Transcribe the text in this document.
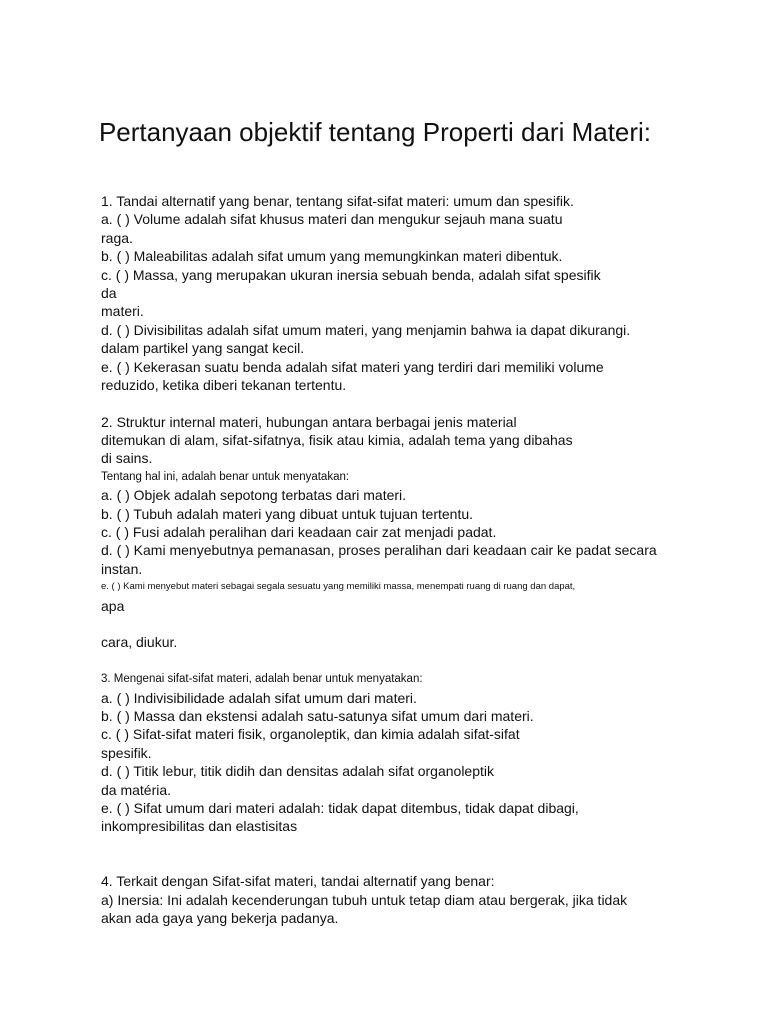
Pertanyaan objektif tentang Properti dari Materi:
1. Tandai alternatif yang benar, tentang sifat-sifat materi: umum dan spesifik.
a. ( ) Volume adalah sifat khusus materi dan mengukur sejauh mana suatu
raga.
b. ( ) Maleabilitas adalah sifat umum yang memungkinkan materi dibentuk.
c. ( ) Massa, yang merupakan ukuran inersia sebuah benda, adalah sifat spesifik
da
materi.
d. ( ) Divisibilitas adalah sifat umum materi, yang menjamin bahwa ia dapat dikurangi.
dalam partikel yang sangat kecil.
e. ( ) Kekerasan suatu benda adalah sifat materi yang terdiri dari memiliki volume
reduzido, ketika diberi tekanan tertentu.
2. Struktur internal materi, hubungan antara berbagai jenis material
ditemukan di alam, sifat-sifatnya, fisik atau kimia, adalah tema yang dibahas
di sains.
Tentang hal ini, adalah benar untuk menyatakan:
a. ( ) Objek adalah sepotong terbatas dari materi.
b. ( ) Tubuh adalah materi yang dibuat untuk tujuan tertentu.
c. ( ) Fusi adalah peralihan dari keadaan cair zat menjadi padat.
d. ( ) Kami menyebutnya pemanasan, proses peralihan dari keadaan cair ke padat secara
instan.
e. ( ) Kami menyebut materi sebagai segala sesuatu yang memiliki massa, menempati ruang di ruang dan dapat,
apa
cara, diukur.
3. Mengenai sifat-sifat materi, adalah benar untuk menyatakan:
a. ( ) Indivisibilidade adalah sifat umum dari materi.
b. ( ) Massa dan ekstensi adalah satu-satunya sifat umum dari materi.
c. ( ) Sifat-sifat materi fisik, organoleptik, dan kimia adalah sifat-sifat
spesifik.
d. ( ) Titik lebur, titik didih dan densitas adalah sifat organoleptik
da matéria.
e. ( ) Sifat umum dari materi adalah: tidak dapat ditembus, tidak dapat dibagi,
inkompresibilitas dan elastisitas
4. Terkait dengan Sifat-sifat materi, tandai alternatif yang benar:
a) Inersia: Ini adalah kecenderungan tubuh untuk tetap diam atau bergerak, jika tidak
akan ada gaya yang bekerja padanya.
